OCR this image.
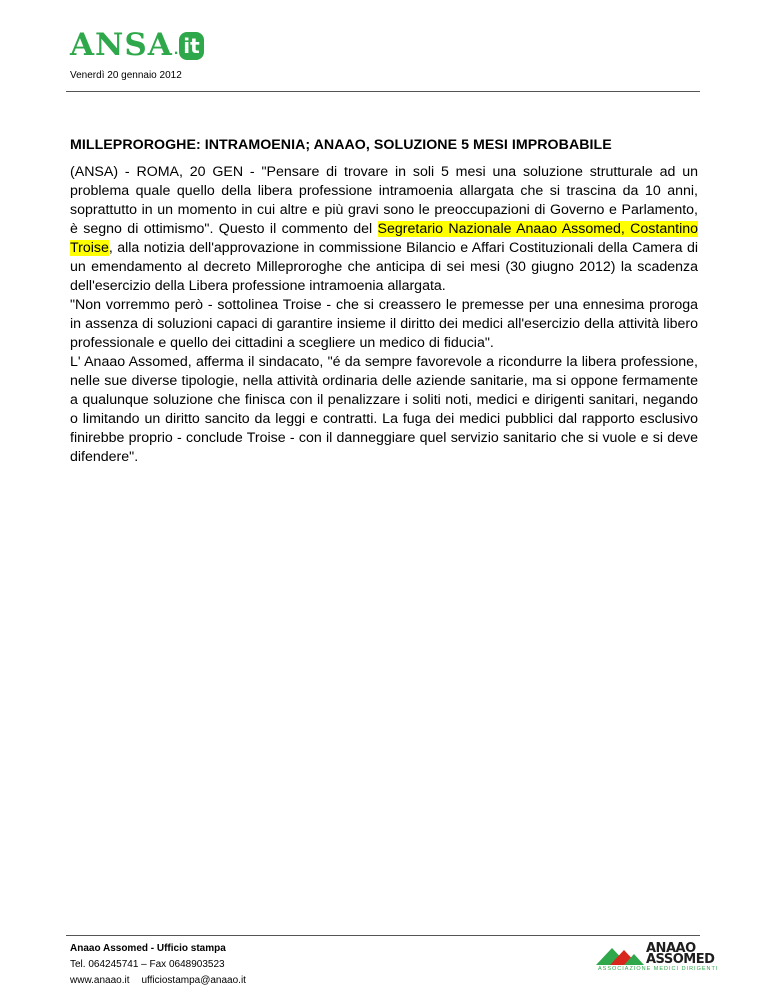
ANSA . it
Venerdì 20 gennaio 2012
MILLEPROROGHE: INTRAMOENIA; ANAAO, SOLUZIONE 5 MESI IMPROBABILE

(ANSA) - ROMA, 20 GEN - "Pensare di trovare in soli 5 mesi una soluzione strutturale ad un problema quale quello della libera professione intramoenia allargata che si trascina da 10 anni, soprattutto in un momento in cui altre e più gravi sono le preoccupazioni di Governo e Parlamento, è segno di ottimismo". Questo il commento del Segretario Nazionale Anaao Assomed, Costantino Troise, alla notizia dell'approvazione in commissione Bilancio e Affari Costituzionali della Camera di un emendamento al decreto Milleproroghe che anticipa di sei mesi (30 giugno 2012) la scadenza dell'esercizio della Libera professione intramoenia allargata.

"Non vorremmo però - sottolinea Troise - che si creassero le premesse per una ennesima proroga in assenza di soluzioni capaci di garantire insieme il diritto dei medici all'esercizio della attività libero professionale e quello dei cittadini a scegliere un medico di fiducia".

L' Anaao Assomed, afferma il sindacato, "é da sempre favorevole a ricondurre la libera professione, nelle sue diverse tipologie, nella attività ordinaria delle aziende sanitarie, ma si oppone fermamente a qualunque soluzione che finisca con il penalizzare i soliti noti, medici e dirigenti sanitari, negando o limitando un diritto sancito da leggi e contratti. La fuga dei medici pubblici dal rapporto esclusivo finirebbe proprio - conclude Troise - con il danneggiare quel servizio sanitario che si vuole e si deve difendere".

Anaao Assomed - Ufficio stampa
Tel. 064245741 – Fax 0648903523
www.anaao.it ufficiostampa@anaao.it
ANAAO
ASSOMED
ASSOCIAZIONE MEDICI DIRIGENTI
